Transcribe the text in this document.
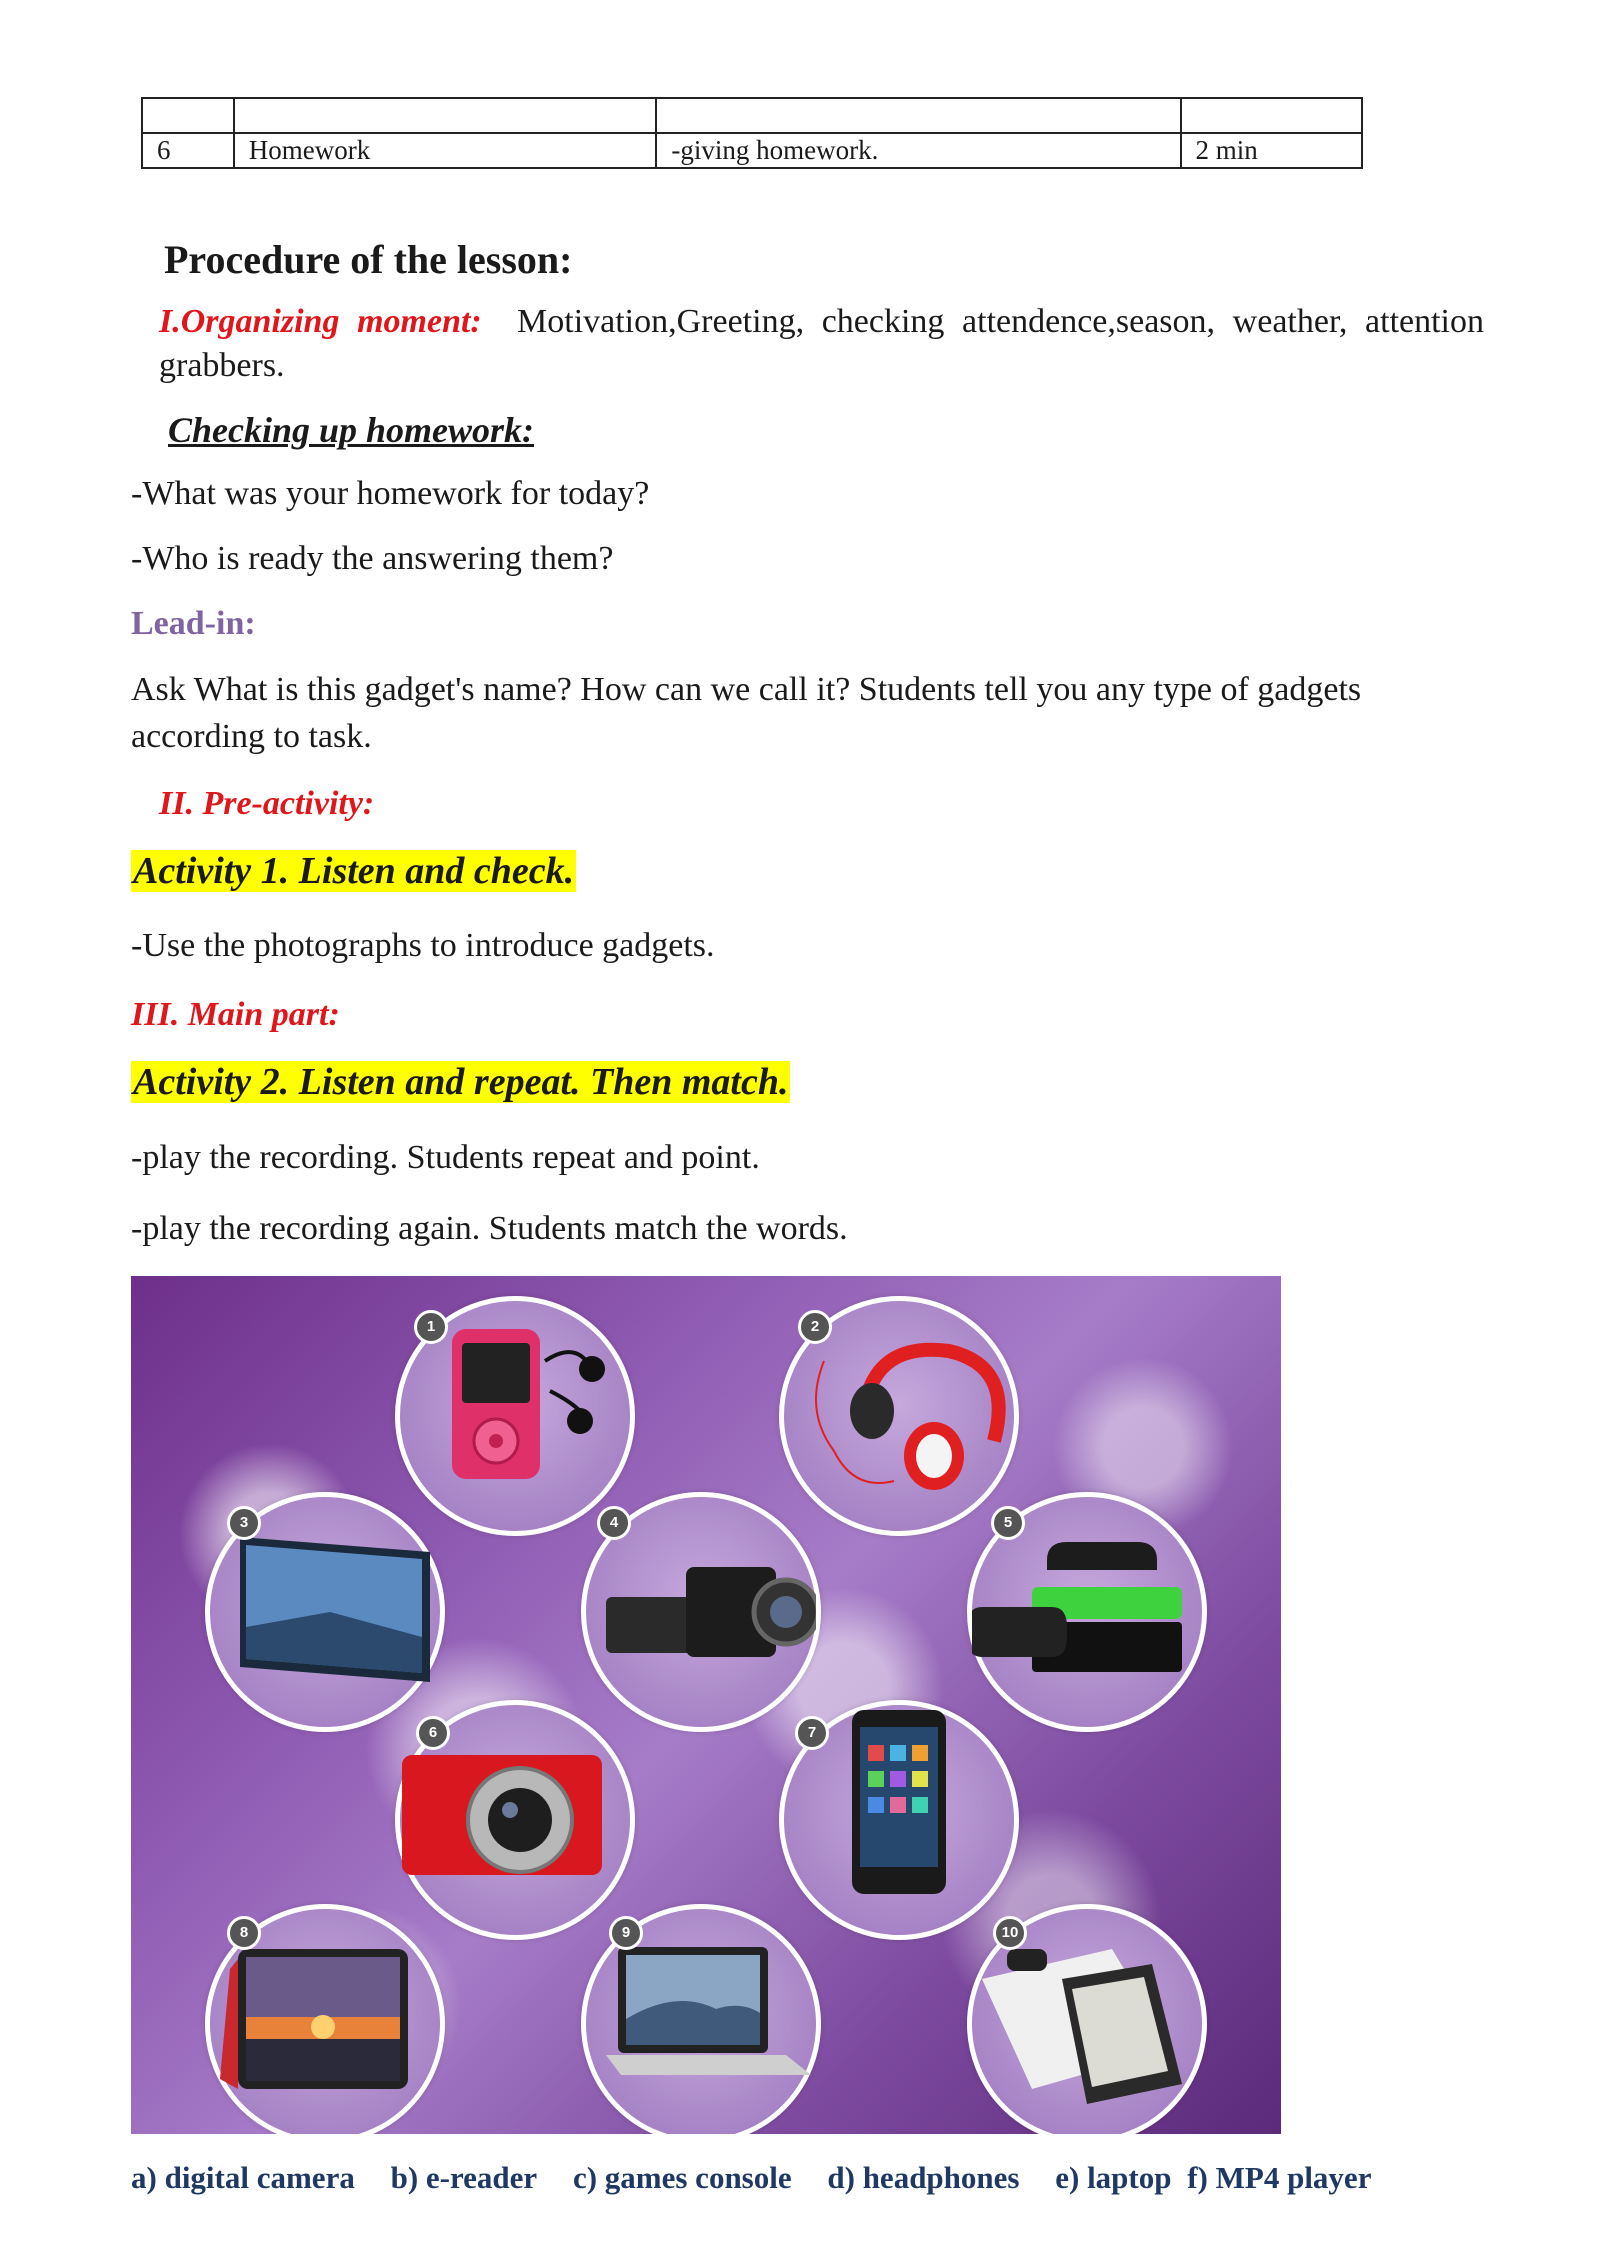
6	Homework	-giving homework.	2 min
Procedure of the lesson:
I.Organizing moment: Motivation,Greeting, checking attendence,season, weather, attention grabbers.
Checking up homework:
-What was your homework for today?
-Who is ready the answering them?
Lead-in:
Ask What is this gadget's name? How can we call it? Students tell you any type of gadgets according to task.
II. Pre-activity:
Activity 1. Listen and check.
-Use the photographs to introduce gadgets.
III. Main part:
Activity 2. Listen and repeat. Then match.
-play the recording. Students repeat and point.
-play the recording again. Students match the words.
1	2
3	4	5
6	7
8	9	10
a) digital camera b) e-reader c) games console d) headphones e) laptop f) MP4 player
